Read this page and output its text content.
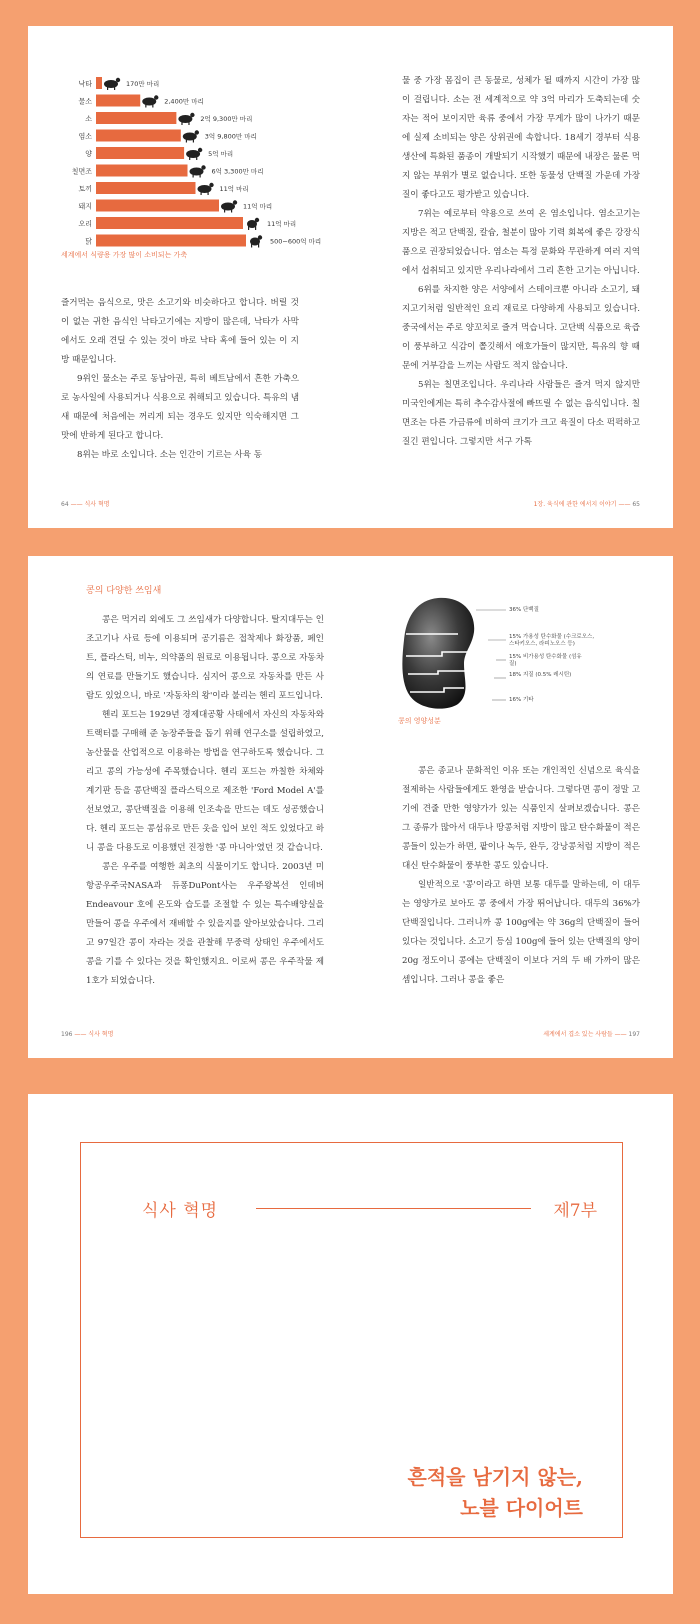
낙타	170만 마리
물소	2,400만 마리
소	2억 9,300만 마리
염소	3억 9,800만 마리
양	5억 마리
칠면조	6억 3,300만 마리
토끼	11억 마리
돼지	11억 마리
오리	11억 마리
닭	500~600억 마리
세계에서 식량용 가장 많이 소비되는 가축

즐거먹는 음식으로, 맛은 소고기와 비슷하다고 합니다. 버릴 것이 없는 귀한 음식인 낙타고기에는 지방이 많은데, 낙타가 사막에서도 오래 견딜 수 있는 것이 바로 낙타 혹에 들어 있는 이 지방 때문입니다.

9위인 물소는 주로 동남아권, 특히 베트남에서 흔한 가축으로 농사일에 사용되거나 식용으로 취해되고 있습니다. 특유의 냄새 때문에 처음에는 꺼리게 되는 경우도 있지만 익숙해지면 그 맛에 반하게 된다고 합니다.

8위는 바로 소입니다. 소는 인간이 기르는 사육 동

물 중 가장 몸집이 큰 동물로, 성체가 될 때까지 시간이 가장 많이 걸립니다. 소는 전 세계적으로 약 3억 마리가 도축되는데 숫자는 적어 보이지만 육류 중에서 가장 무게가 많이 나가기 때문에 실제 소비되는 양은 상위권에 속합니다. 18세기 경부터 식용 생산에 특화된 품종이 개발되기 시작했기 때문에 내장은 물론 먹지 않는 부위가 별로 없습니다. 또한 동물성 단백질 가운데 가장 질이 좋다고도 평가받고 있습니다.

7위는 예로부터 약용으로 쓰여 온 염소입니다. 염소고기는 지방은 적고 단백질, 칼슘, 철분이 많아 기력 회복에 좋은 강장식품으로 권장되었습니다. 염소는 특정 문화와 무관하게 여러 지역에서 섭취되고 있지만 우리나라에서 그리 흔한 고기는 아닙니다.

6위를 차지한 양은 서양에서 스테이크뿐 아니라 소고기, 돼지고기처럼 일반적인 요리 재료로 다양하게 사용되고 있습니다. 중국에서는 주로 양꼬치로 즐겨 먹습니다. 고단백 식품으로 육즙이 풍부하고 식감이 쫄깃해서 애호가들이 많지만, 특유의 향 때문에 거부감을 느끼는 사람도 적지 않습니다.

5위는 칠면조입니다. 우리나라 사람들은 즐겨 먹지 않지만 미국인에게는 특히 추수감사절에 빠뜨릴 수 없는 음식입니다. 칠면조는 다른 가금류에 비하여 크기가 크고 육질이 다소 퍽퍽하고 질긴 편입니다. 그렇지만 서구 가톡

64 —— 식사 혁명	1장. 육식에 관한 에서지 이야기 —— 65

콩의 다양한 쓰임새

콩은 먹거리 외에도 그 쓰임새가 다양합니다. 탈지대두는 인조고기나 사료 등에 이용되며 공기름은 접착제나 화장품, 페인트, 플라스틱, 비누, 의약품의 원료로 이용됩니다. 콩으로 자동차의 연료를 만들기도 했습니다. 심지어 콩으로 자동차를 만든 사람도 있었으니, 바로 '자동차의 왕'이라 불리는 헨리 포드입니다.

헨리 포드는 1929년 경제대공황 사태에서 자신의 자동차와 트랙터를 구매해 준 농장주들을 돕기 위해 연구소를 설립하였고, 농산물을 산업적으로 이용하는 방법을 연구하도록 했습니다. 그리고 콩의 가능성에 주목했습니다. 헨리 포드는 까칠한 차체와 계기판 등을 콩단백질 플라스틱으로 제조한 'Ford Model A'를 선보였고, 콩단백질을 이용해 인조속을 만드는 데도 성공했습니다. 헨리 포드는 콩섬유로 만든 옷을 입어 보인 적도 있었다고 하니 콩을 다용도로 이용했던 진정한 '콩 마니아'였던 것 같습니다.

콩은 우주를 여행한 최초의 식물이기도 합니다. 2003년 미항공우주국NASA과 듀퐁DuPont사는 우주왕복선 인데버Endeavour 호에 온도와 습도를 조절할 수 있는 특수배양실을 만들어 콩을 우주에서 재배할 수 있을지를 알아보았습니다. 그리고 97일간 콩이 자라는 것을 관찰해 무중력 상태인 우주에서도 콩을 기를 수 있다는 것을 확인했지요. 이로써 콩은 우주작물 제1호가 되었습니다.

36% 단백질
15% 가용성 탄수화물 (수크로오스, 스타키오스, 라피노오스 등)
15% 비가용성 탄수화물 (섬유질)
18% 지질 (0.5% 레시틴)
16% 기타
콩의 영양성분

콩은 종교나 문화적인 이유 또는 개인적인 신념으로 육식을 절제하는 사람들에게도 환영을 받습니다. 그렇다면 콩이 정말 고기에 견줄 만한 영양가가 있는 식품인지 살펴보겠습니다. 콩은 그 종류가 많아서 대두나 땅콩처럼 지방이 많고 탄수화물이 적은 콩들이 있는가 하면, 팥이나 녹두, 완두, 강낭콩처럼 지방이 적은 대신 탄수화물이 풍부한 콩도 있습니다.

일반적으로 '콩'이라고 하면 보통 대두를 말하는데, 이 대두는 영양가로 보아도 콩 중에서 가장 뛰어납니다. 대두의 36%가 단백질입니다. 그러니까 콩 100g에는 약 36g의 단백질이 들어 있다는 것입니다. 소고기 등심 100g에 들어 있는 단백질의 양이 20g 정도이니 콩에는 단백질이 이보다 거의 두 배 가까이 많은 셈입니다. 그러나 콩을 좋은

196 —— 식사 혁명	세계에서 겹소 있는 사람들 —— 197
식사 혁명	제7부
흔적을 남기지 않는,
노블 다이어트
